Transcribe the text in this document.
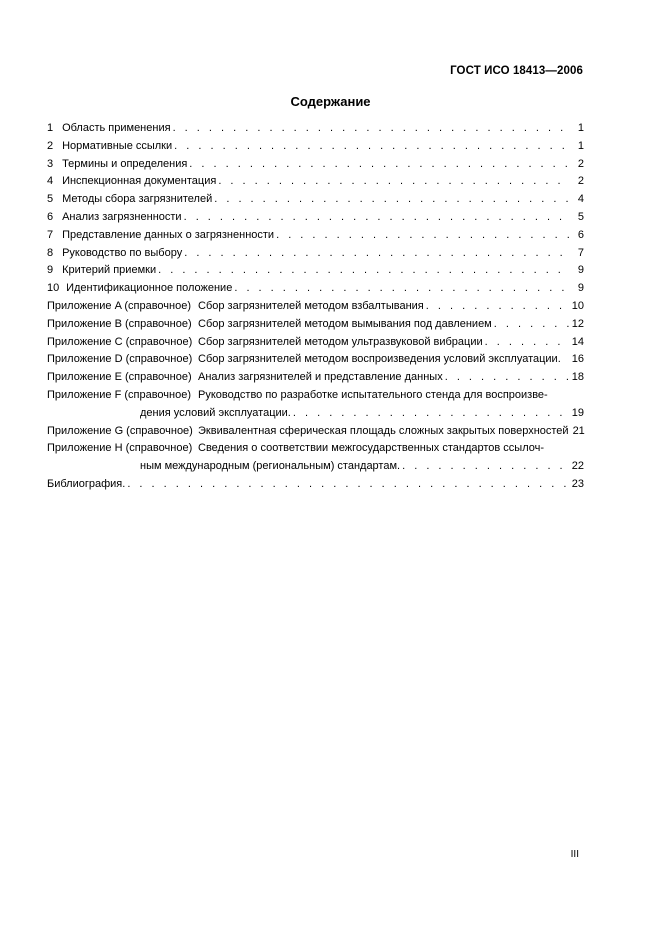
ГОСТ ИСО 18413—2006
Содержание
1 Область применения . . .	1
2 Нормативные ссылки . . .	1
3 Термины и определения . . .	2
4 Инспекционная документация . . .	2
5 Методы сбора загрязнителей . . .	4
6 Анализ загрязненности . . .	5
7 Представление данных о загрязненности . . .	6
8 Руководство по выбору . . .	7
9 Критерий приемки . . .	9
10 Идентификационное положение . . .	9
Приложение A (справочное) Сбор загрязнителей методом взбалтывания . . .	10
Приложение B (справочное) Сбор загрязнителей методом вымывания под давлением . . .	12
Приложение C (справочное) Сбор загрязнителей методом ультразвуковой вибрации . . .	14
Приложение D (справочное) Сбор загрязнителей методом воспроизведения условий эксплуатации. 16
Приложение E (справочное) Анализ загрязнителей и представление данных . . .	18
Приложение F (справочное) Руководство по разработке испытательного стенда для воспроизве-
дения условий эксплуатации. . . .	19
Приложение G (справочное) Эквивалентная сферическая площадь сложных закрытых поверхностей 21
Приложение H (справочное) Сведения о соответствии межгосударственных стандартов ссылоч-
ным международным (региональным) стандартам. . . .	22
Библиография. . . .	23
III
